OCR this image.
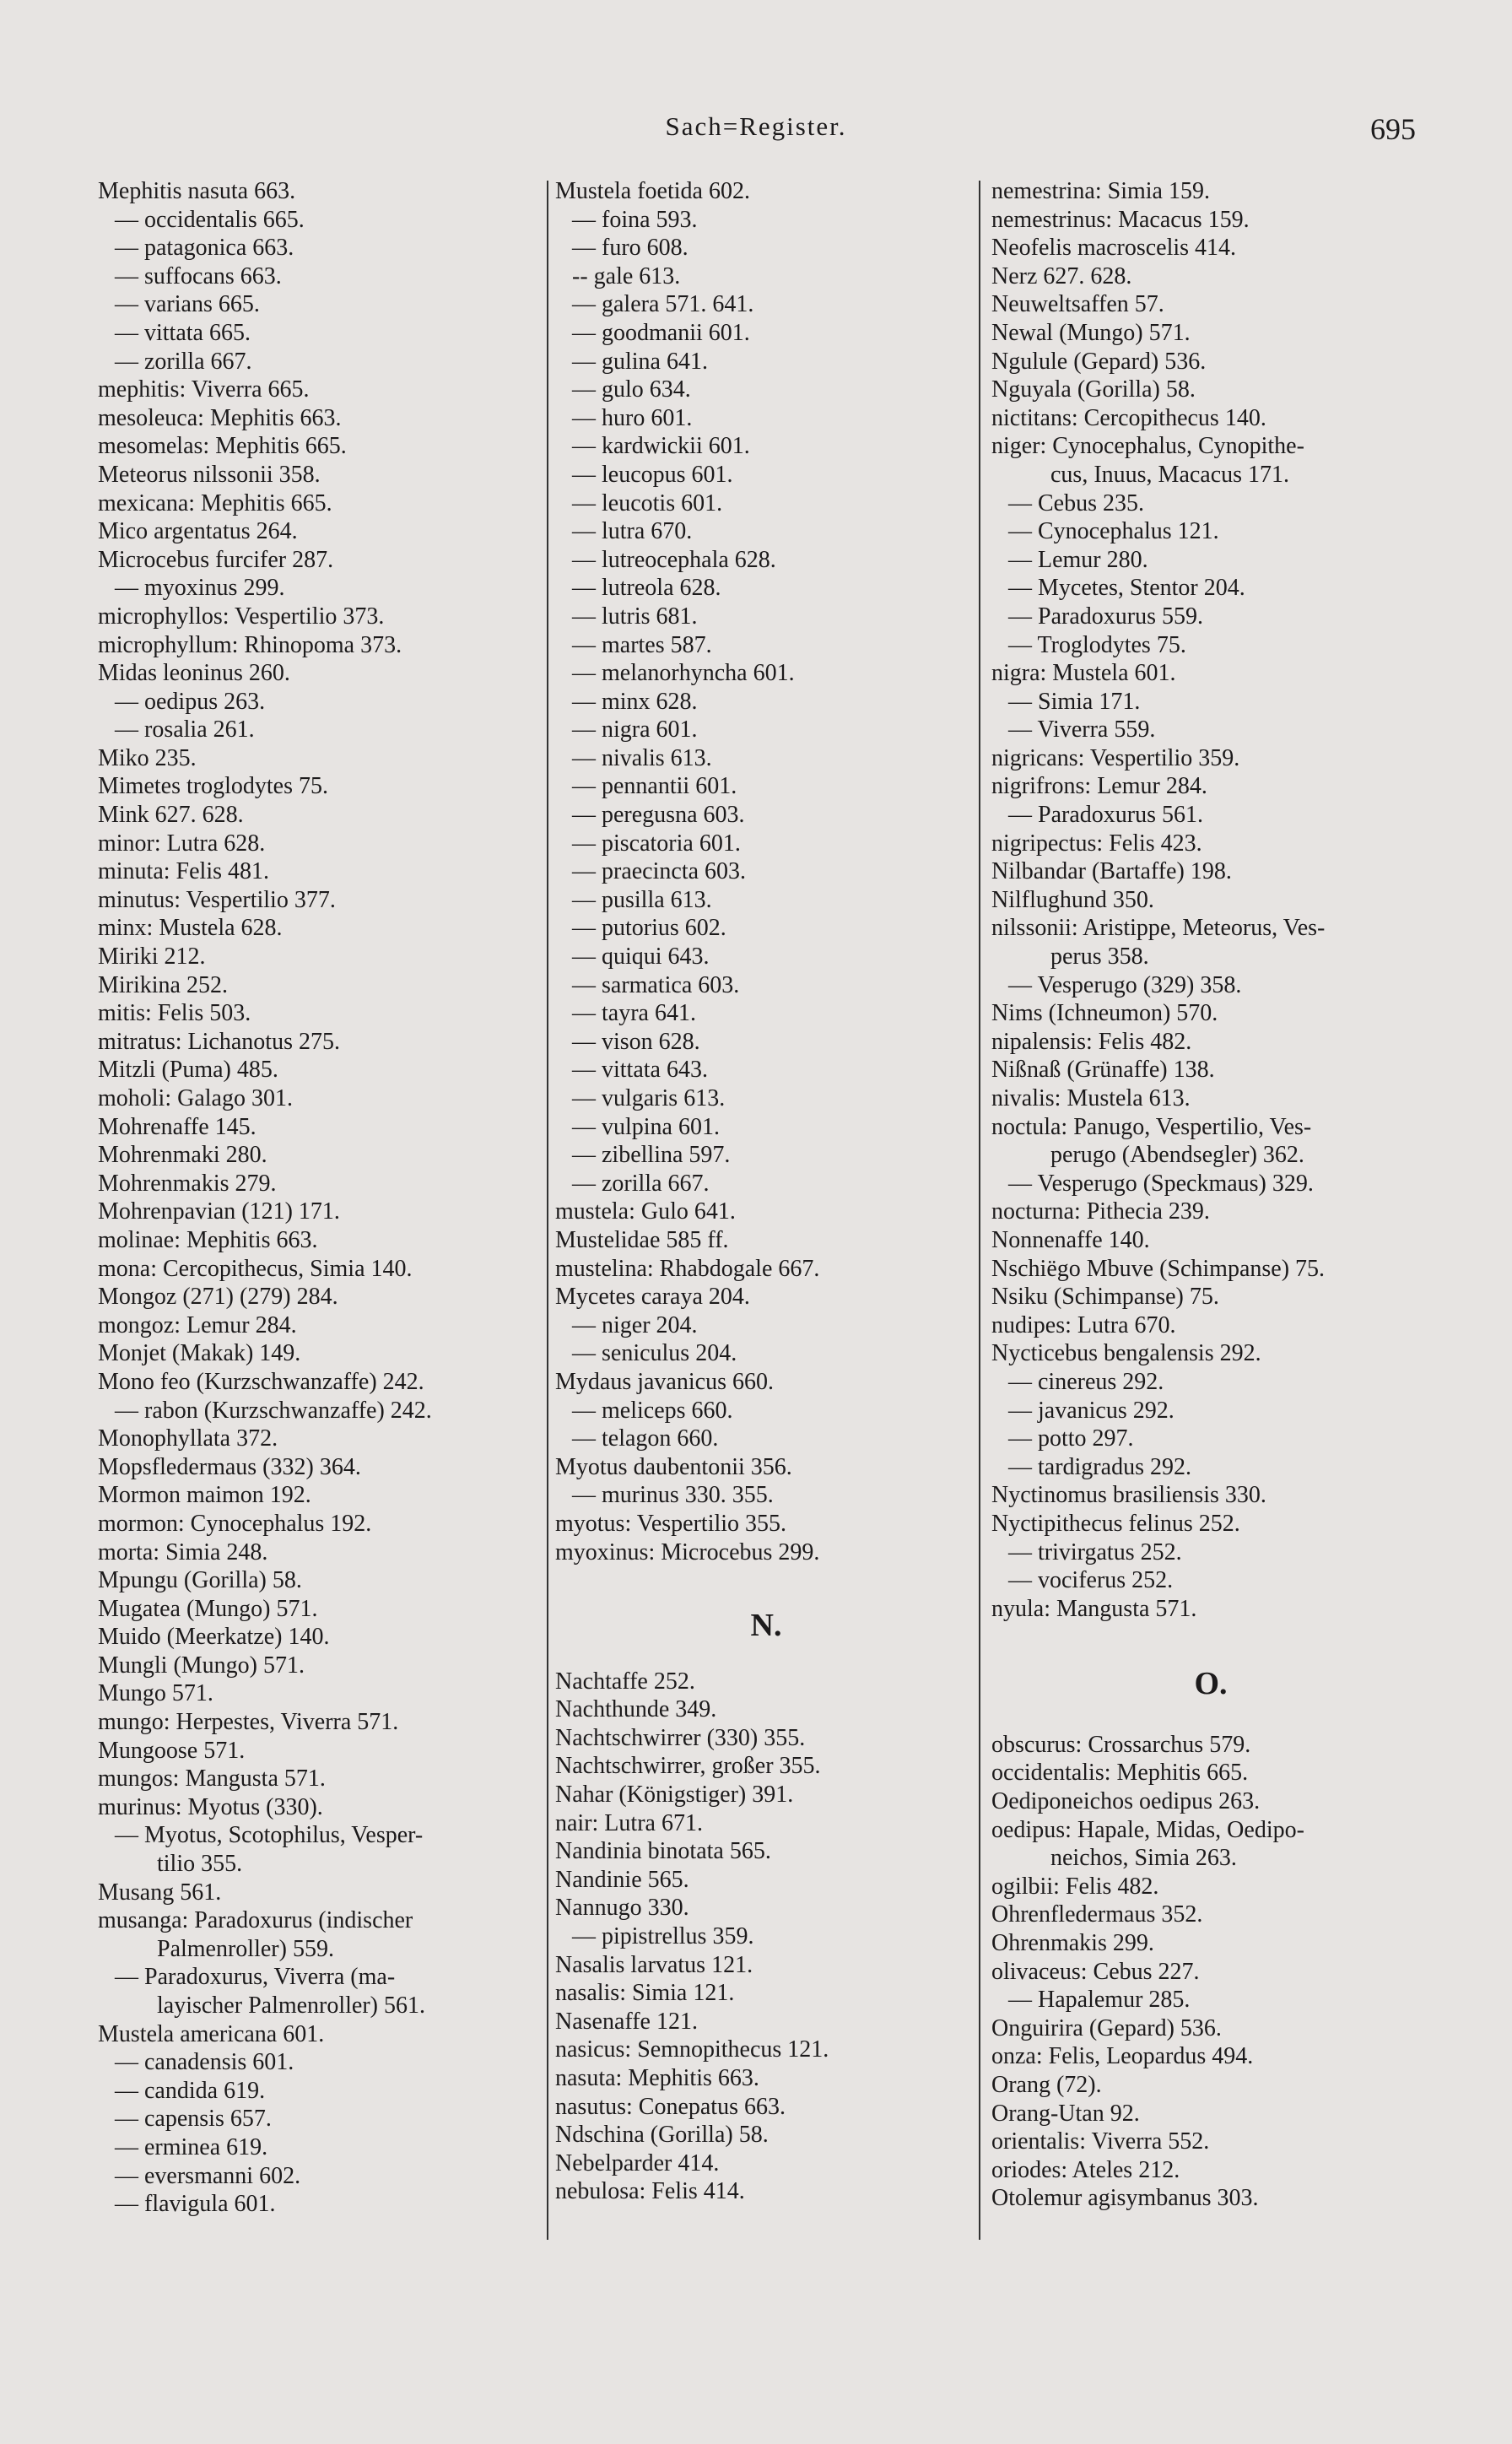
Sach=Register.	695

Mephitis nasuta 663.

— occidentalis 665.

— patagonica 663.

— suffocans 663.

— varians 665.

— vittata 665.

— zorilla 667.

mephitis: Viverra 665.

mesoleuca: Mephitis 663.

mesomelas: Mephitis 665.

Meteorus nilssonii 358.

mexicana: Mephitis 665.

Mico argentatus 264.

Microcebus furcifer 287.

— myoxinus 299.

microphyllos: Vespertilio 373.

microphyllum: Rhinopoma 373.

Midas leoninus 260.

— oedipus 263.

— rosalia 261.

Miko 235.

Mimetes troglodytes 75.

Mink 627. 628.

minor: Lutra 628.

minuta: Felis 481.

minutus: Vespertilio 377.

minx: Mustela 628.

Miriki 212.

Mirikina 252.

mitis: Felis 503.

mitratus: Lichanotus 275.

Mitzli (Puma) 485.

moholi: Galago 301.

Mohrenaffe 145.

Mohrenmaki 280.

Mohrenmakis 279.

Mohrenpavian (121) 171.

molinae: Mephitis 663.

mona: Cercopithecus, Simia 140.

Mongoz (271) (279) 284.

mongoz: Lemur 284.

Monjet (Makak) 149.

Mono feo (Kurzschwanzaffe) 242.

— rabon (Kurzschwanzaffe) 242.

Monophyllata 372.

Mopsfledermaus (332) 364.

Mormon maimon 192.

mormon: Cynocephalus 192.

morta: Simia 248.

Mpungu (Gorilla) 58.

Mugatea (Mungo) 571.

Muido (Meerkatze) 140.

Mungli (Mungo) 571.

Mungo 571.

mungo: Herpestes, Viverra 571.

Mungoose 571.

mungos: Mangusta 571.

murinus: Myotus (330).

— Myotus, Scotophilus, Vesper-

tilio 355.

Musang 561.

musanga: Paradoxurus (indischer

Palmenroller) 559.

— Paradoxurus, Viverra (ma-

layischer Palmenroller) 561.

Mustela americana 601.

— canadensis 601.

— candida 619.

— capensis 657.

— erminea 619.

— eversmanni 602.

— flavigula 601.

Mustela foetida 602.

— foina 593.

— furo 608.

-- gale 613.

— galera 571. 641.

— goodmanii 601.

— gulina 641.

— gulo 634.

— huro 601.

— kardwickii 601.

— leucopus 601.

— leucotis 601.

— lutra 670.

— lutreocephala 628.

— lutreola 628.

— lutris 681.

— martes 587.

— melanorhyncha 601.

— minx 628.

— nigra 601.

— nivalis 613.

— pennantii 601.

— peregusna 603.

— piscatoria 601.

— praecincta 603.

— pusilla 613.

— putorius 602.

— quiqui 643.

— sarmatica 603.

— tayra 641.

— vison 628.

— vittata 643.

— vulgaris 613.

— vulpina 601.

— zibellina 597.

— zorilla 667.

mustela: Gulo 641.

Mustelidae 585 ff.

mustelina: Rhabdogale 667.

Mycetes caraya 204.

— niger 204.

— seniculus 204.

Mydaus javanicus 660.

— meliceps 660.

— telagon 660.

Myotus daubentonii 356.

— murinus 330. 355.

myotus: Vespertilio 355.

myoxinus: Microcebus 299.

N.

Nachtaffe 252.

Nachthunde 349.

Nachtschwirrer (330) 355.

Nachtschwirrer, großer 355.

Nahar (Königstiger) 391.

nair: Lutra 671.

Nandinia binotata 565.

Nandinie 565.

Nannugo 330.

— pipistrellus 359.

Nasalis larvatus 121.

nasalis: Simia 121.

Nasenaffe 121.

nasicus: Semnopithecus 121.

nasuta: Mephitis 663.

nasutus: Conepatus 663.

Ndschina (Gorilla) 58.

Nebelparder 414.

nebulosa: Felis 414.

nemestrina: Simia 159.

nemestrinus: Macacus 159.

Neofelis macroscelis 414.

Nerz 627. 628.

Neuweltsaffen 57.

Newal (Mungo) 571.

Ngulule (Gepard) 536.

Nguyala (Gorilla) 58.

nictitans: Cercopithecus 140.

niger: Cynocephalus, Cynopithe-

cus, Inuus, Macacus 171.

— Cebus 235.

— Cynocephalus 121.

— Lemur 280.

— Mycetes, Stentor 204.

— Paradoxurus 559.

— Troglodytes 75.

nigra: Mustela 601.

— Simia 171.

— Viverra 559.

nigricans: Vespertilio 359.

nigrifrons: Lemur 284.

— Paradoxurus 561.

nigripectus: Felis 423.

Nilbandar (Bartaffe) 198.

Nilflughund 350.

nilssonii: Aristippe, Meteorus, Ves-

perus 358.

— Vesperugo (329) 358.

Nims (Ichneumon) 570.

nipalensis: Felis 482.

Nißnaß (Grünaffe) 138.

nivalis: Mustela 613.

noctula: Panugo, Vespertilio, Ves-

perugo (Abendsegler) 362.

— Vesperugo (Speckmaus) 329.

nocturna: Pithecia 239.

Nonnenaffe 140.

Nschiëgo Mbuve (Schimpanse) 75.

Nsiku (Schimpanse) 75.

nudipes: Lutra 670.

Nycticebus bengalensis 292.

— cinereus 292.

— javanicus 292.

— potto 297.

— tardigradus 292.

Nyctinomus brasiliensis 330.

Nyctipithecus felinus 252.

— trivirgatus 252.

— vociferus 252.

nyula: Mangusta 571.

O.

obscurus: Crossarchus 579.

occidentalis: Mephitis 665.

Oediponeichos oedipus 263.

oedipus: Hapale, Midas, Oedipo-

neichos, Simia 263.

ogilbii: Felis 482.

Ohrenfledermaus 352.

Ohrenmakis 299.

olivaceus: Cebus 227.

— Hapalemur 285.

Onguirira (Gepard) 536.

onza: Felis, Leopardus 494.

Orang (72).

Orang-Utan 92.

orientalis: Viverra 552.

oriodes: Ateles 212.

Otolemur agisymbanus 303.
